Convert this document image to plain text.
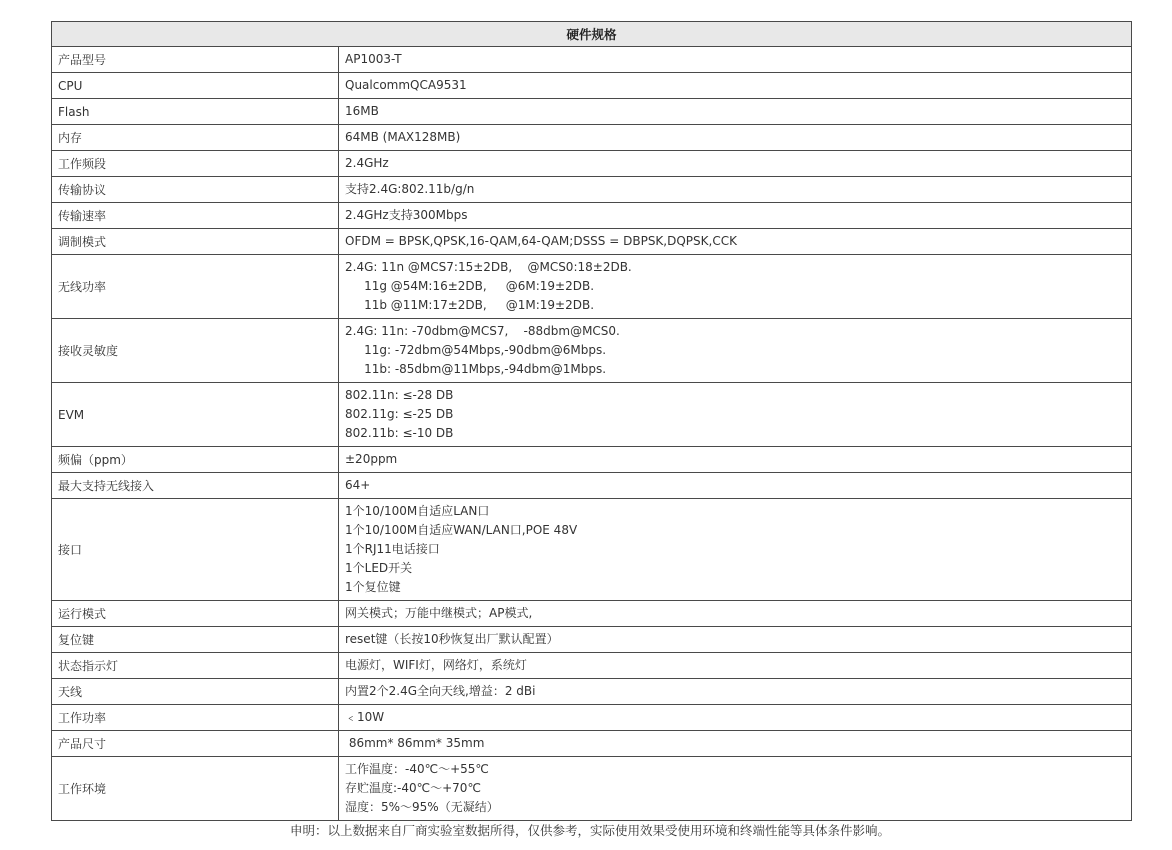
硬件规格	
产品型号	AP1003-T

CPU	QualcommQCA9531

Flash	16MB

内存	64MB (MAX128MB)

工作频段	2.4GHz

传输协议	支持2.4G:802.11b/g/n

传输速率	2.4GHz支持300Mbps

调制模式	OFDM = BPSK,QPSK,16-QAM,64-QAM;DSSS = DBPSK,DQPSK,CCK

无线功率	2.4G: 11n @MCS7:15±2DB,    @MCS0:18±2DB.
11g @54M:16±2DB,     @6M:19±2DB.
11b @11M:17±2DB,     @1M:19±2DB.

接收灵敏度	2.4G: 11n: -70dbm@MCS7,    -88dbm@MCS0.
11g: -72dbm@54Mbps,-90dbm@6Mbps.
11b: -85dbm@11Mbps,-94dbm@1Mbps.

EVM	802.11n: ≤-28 DB
802.11g: ≤-25 DB
802.11b: ≤-10 DB

频偏（ppm）	±20ppm

最大支持无线接入	64+

接口	1个10/100M自适应LAN口
1个10/100M自适应WAN/LAN口,POE 48V
1个RJ11电话接口
1个LED开关
1个复位键

运行模式	网关模式；万能中继模式；AP模式,

复位键	reset键（长按10秒恢复出厂默认配置）

状态指示灯	电源灯，WIFI灯，网络灯，系统灯

天线	内置2个2.4G全向天线,增益：2 dBi

工作功率	﹤10W

产品尺寸	86mm* 86mm* 35mm

工作环境	工作温度：-40℃～+55℃
存贮温度:-40℃～+70℃
湿度：5%～95%（无凝结）
申明：以上数据来自厂商实验室数据所得，仅供参考，实际使用效果受使用环境和终端性能等具体条件影响。
